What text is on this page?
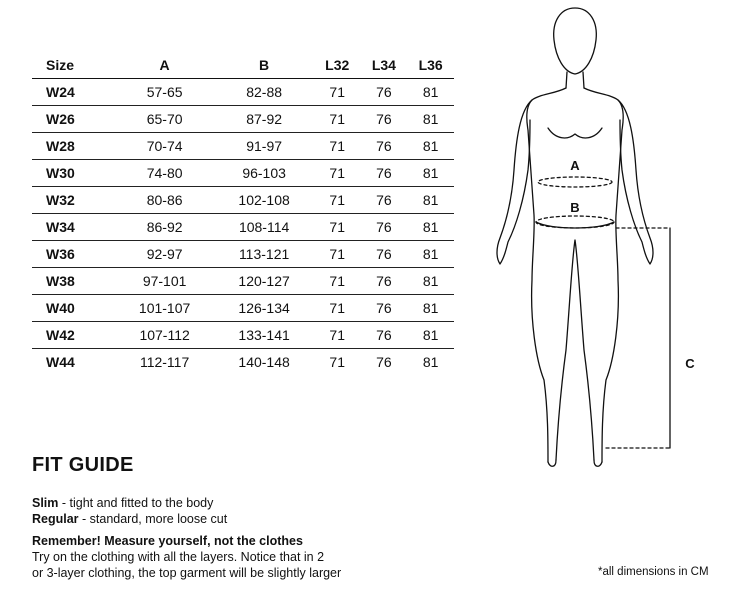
Size	A	B	L32	L34	L36
W24	57-65	82-88	71	76	81
W26	65-70	87-92	71	76	81
W28	70-74	91-97	71	76	81
W30	74-80	96-103	71	76	81
W32	80-86	102-108	71	76	81
W34	86-92	108-114	71	76	81
W36	92-97	113-121	71	76	81
W38	97-101	120-127	71	76	81
W40	101-107	126-134	71	76	81
W42	107-112	133-141	71	76	81
W44	112-117	140-148	71	76	81
A
B
C
FIT GUIDE
Slim - tight and fitted to the body
Regular - standard, more loose cut
Remember! Measure yourself, not the clothes
Try on the clothing with all the layers. Notice that in 2
or 3-layer clothing, the top garment will be slightly larger	*all dimensions in CM
